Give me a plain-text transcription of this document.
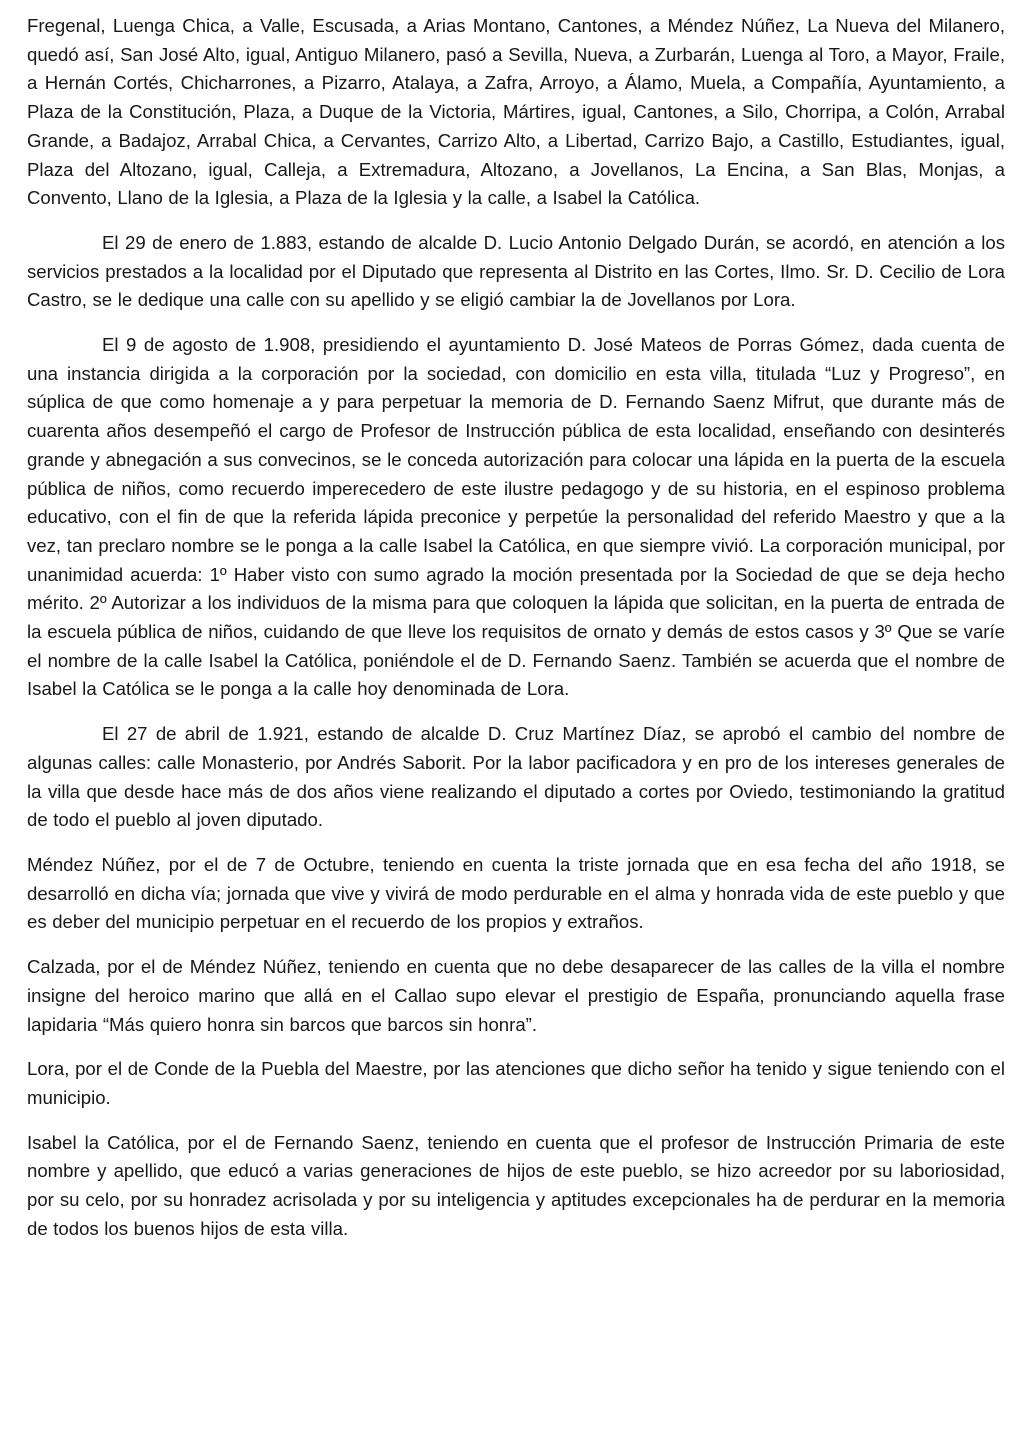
Fregenal, Luenga Chica, a Valle, Escusada, a Arias Montano, Cantones, a Méndez Núñez, La Nueva del Milanero, quedó así, San José Alto, igual, Antiguo Milanero, pasó a Sevilla, Nueva, a Zurbarán, Luenga al Toro, a Mayor, Fraile, a Hernán Cortés, Chicharrones, a Pizarro, Atalaya, a Zafra, Arroyo, a Álamo, Muela, a Compañía, Ayuntamiento, a Plaza de la Constitución, Plaza, a Duque de la Victoria, Mártires, igual, Cantones, a Silo, Chorripa, a Colón, Arrabal Grande, a Badajoz, Arrabal Chica, a Cervantes, Carrizo Alto, a Libertad, Carrizo Bajo, a Castillo, Estudiantes, igual, Plaza del Altozano, igual, Calleja, a Extremadura, Altozano, a Jovellanos, La Encina, a San Blas, Monjas, a Convento, Llano de la Iglesia, a Plaza de la Iglesia y la calle, a Isabel la Católica.

El 29 de enero de 1.883, estando de alcalde D. Lucio Antonio Delgado Durán, se acordó, en atención a los servicios prestados a la localidad por el Diputado que representa al Distrito en las Cortes, Ilmo. Sr. D. Cecilio de Lora Castro, se le dedique una calle con su apellido y se eligió cambiar la de Jovellanos por Lora.

El 9 de agosto de 1.908, presidiendo el ayuntamiento D. José Mateos de Porras Gómez, dada cuenta de una instancia dirigida a la corporación por la sociedad, con domicilio en esta villa, titulada “Luz y Progreso”, en súplica de que como homenaje a y para perpetuar la memoria de D. Fernando Saenz Mifrut, que durante más de cuarenta años desempeñó el cargo de Profesor de Instrucción pública de esta localidad, enseñando con desinterés grande y abnegación a sus convecinos, se le conceda autorización para colocar una lápida en la puerta de la escuela pública de niños, como recuerdo imperecedero de este ilustre pedagogo y de su historia, en el espinoso problema educativo, con el fin de que la referida lápida preconice y perpetúe la personalidad del referido Maestro y que a la vez, tan preclaro nombre se le ponga a la calle Isabel la Católica, en que siempre vivió. La corporación municipal, por unanimidad acuerda: 1º Haber visto con sumo agrado la moción presentada por la Sociedad de que se deja hecho mérito. 2º Autorizar a los individuos de la misma para que coloquen la lápida que solicitan, en la puerta de entrada de la escuela pública de niños, cuidando de que lleve los requisitos de ornato y demás de estos casos y 3º Que se varíe el nombre de la calle Isabel la Católica, poniéndole el de D. Fernando Saenz. También se acuerda que el nombre de Isabel la Católica se le ponga a la calle hoy denominada de Lora.

El 27 de abril de 1.921, estando de alcalde D. Cruz Martínez Díaz, se aprobó el cambio del nombre de algunas calles: calle Monasterio, por Andrés Saborit. Por la labor pacificadora y en pro de los intereses generales de la villa que desde hace más de dos años viene realizando el diputado a cortes por Oviedo, testimoniando la gratitud de todo el pueblo al joven diputado.

Méndez Núñez, por el de 7 de Octubre, teniendo en cuenta la triste jornada que en esa fecha del año 1918, se desarrolló en dicha vía; jornada que vive y vivirá de modo perdurable en el alma y honrada vida de este pueblo y que es deber del municipio perpetuar en el recuerdo de los propios y extraños.

Calzada, por el de Méndez Núñez, teniendo en cuenta que no debe desaparecer de las calles de la villa el nombre insigne del heroico marino que allá en el Callao supo elevar el prestigio de España, pronunciando aquella frase lapidaria “Más quiero honra sin barcos que barcos sin honra”.

Lora, por el de Conde de la Puebla del Maestre, por las atenciones que dicho señor ha tenido y sigue teniendo con el municipio.

Isabel la Católica, por el de Fernando Saenz, teniendo en cuenta que el profesor de Instrucción Primaria de este nombre y apellido, que educó a varias generaciones de hijos de este pueblo, se hizo acreedor por su laboriosidad, por su celo, por su honradez acrisolada y por su inteligencia y aptitudes excepcionales ha de perdurar en la memoria de todos los buenos hijos de esta villa.
